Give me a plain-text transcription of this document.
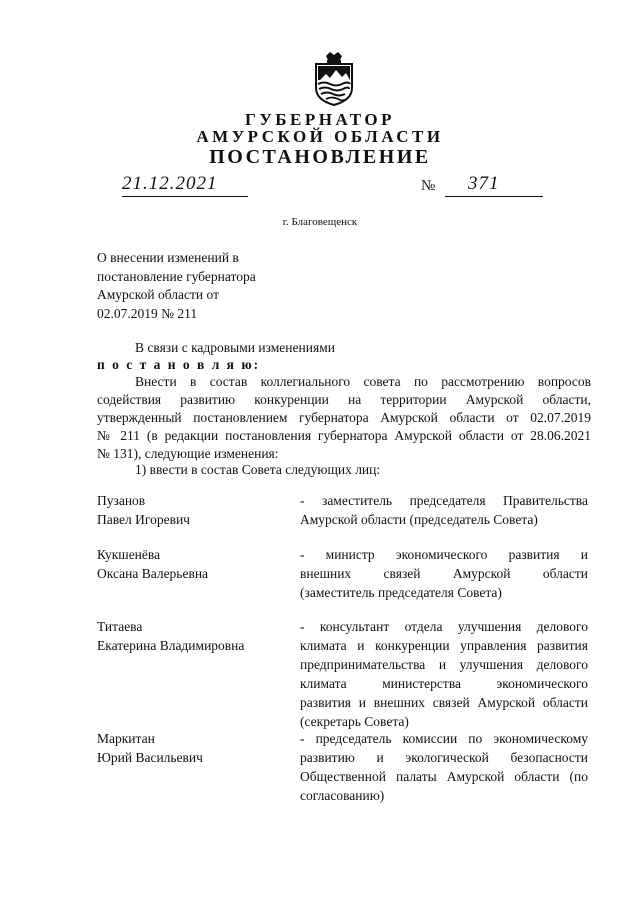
ГУБЕРНАТОР
АМУРСКОЙ ОБЛАСТИ
ПОСТАНОВЛЕНИЕ
21.12.2021	№ 371
г. Благовещенск
О внесении изменений в
постановление губернатора
Амурской области от
02.07.2019 № 211
В связи с кадровыми изменениями
п о с т а н о в л я ю:
Внести в состав коллегиального совета по рассмотрению вопросов
содействия развитию конкуренции на территории Амурской области,
утвержденный постановлением губернатора Амурской области от 02.07.2019
№ 211 (в редакции постановления губернатора Амурской области от 28.06.2021
№ 131), следующие изменения:
1) ввести в состав Совета следующих лиц:
Пузанов
Павел Игоревич
- заместитель председателя Правительства
Амурской области (председатель Совета)
Кукшенёва
Оксана Валерьевна
- министр экономического развития и
внешних связей Амурской области
(заместитель председателя Совета)
Титаева
Екатерина Владимировна
- консультант отдела улучшения делового
климата и конкуренции управления развития
предпринимательства и улучшения делового
климата министерства экономического
развития и внешних связей Амурской области
(секретарь Совета)
Маркитан
Юрий Васильевич
- председатель комиссии по экономическому
развитию и экологической безопасности
Общественной палаты Амурской области (по
согласованию)
